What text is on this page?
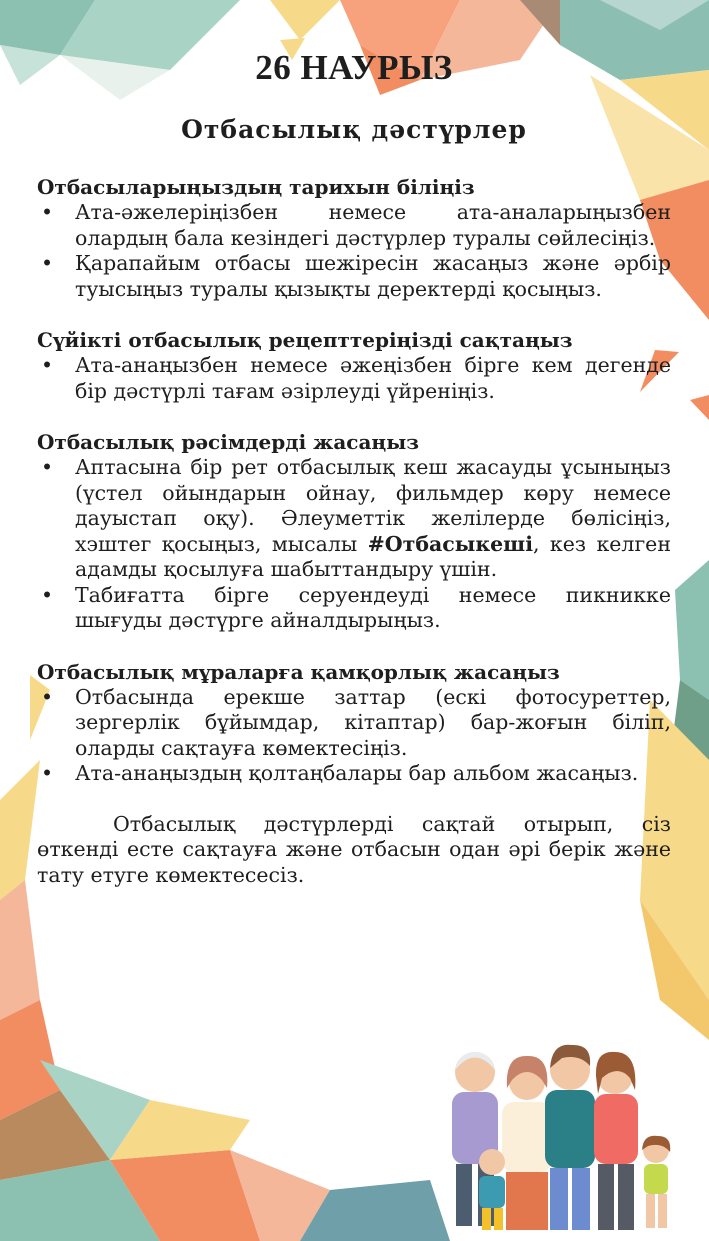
26 НАУРЫЗ
Отбасылық дәстүрлер

Отбасыларыңыздың тарихын біліңіз

• Ата-әжелеріңізбен немесе ата-аналарыңызбен олардың бала кезіндегі дәстүрлер туралы сөйлесіңіз.
• Қарапайым отбасы шежіресін жасаңыз және әрбір туысыңыз туралы қызықты деректерді қосыңыз.

Сүйікті отбасылық рецепттеріңізді сақтаңыз

• Ата-анаңызбен немесе әжеңізбен бірге кем дегенде бір дәстүрлі тағам әзірлеуді үйреніңіз.

Отбасылық рәсімдерді жасаңыз

• Аптасына бір рет отбасылық кеш жасауды ұсыныңыз (үстел ойындарын ойнау, фильмдер көру немесе дауыстап оқу). Әлеуметтік желілерде бөлісіңіз, хэштег қосыңыз, мысалы #Отбасыкеші, кез келген адамды қосылуға шабыттандыру үшін.
• Табиғатта бірге серуендеуді немесе пикникке шығуды дәстүрге айналдырыңыз.

Отбасылық мұраларға қамқорлық жасаңыз

• Отбасында ерекше заттар (ескі фотосуреттер, зергерлік бұйымдар, кітаптар) бар-жоғын біліп, оларды сақтауға көмектесіңіз.
• Ата-анаңыздың қолтаңбалары бар альбом жасаңыз.

Отбасылық дәстүрлерді сақтай отырып, сіз өткенді есте сақтауға және отбасын одан әрі берік және тату етуге көмектесесіз.
